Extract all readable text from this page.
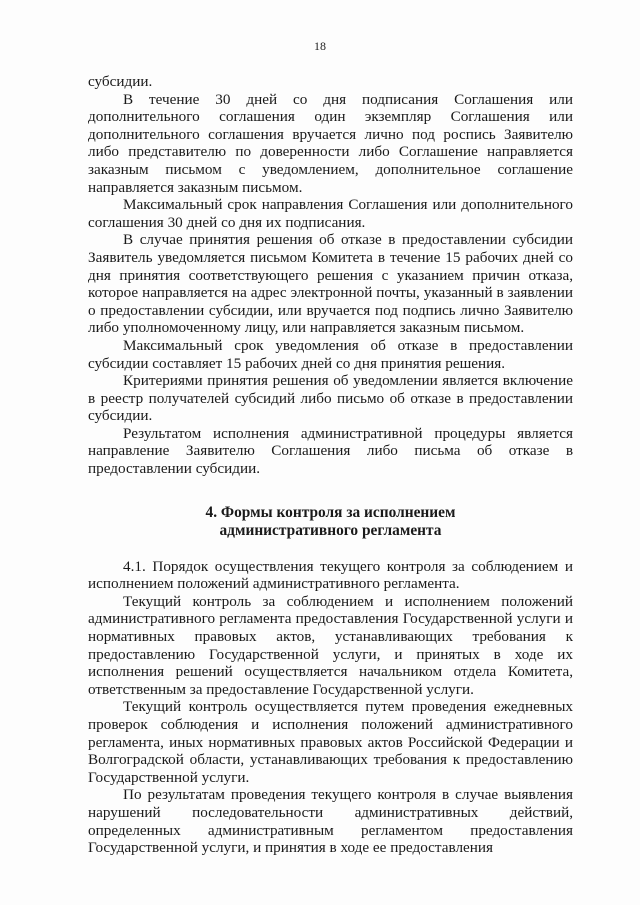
18

субсидии.

В течение 30 дней со дня подписания Соглашения или дополнительного соглашения один экземпляр Соглашения или дополнительного соглашения вручается лично под роспись Заявителю либо представителю по доверенности либо Соглашение направляется заказным письмом с уведомлением, дополнительное соглашение направляется заказным письмом.

Максимальный срок направления Соглашения или дополнительного соглашения 30 дней со дня их подписания.

В случае принятия решения об отказе в предоставлении субсидии Заявитель уведомляется письмом Комитета в течение 15 рабочих дней со дня принятия соответствующего решения с указанием причин отказа, которое направляется на адрес электронной почты, указанный в заявлении о предоставлении субсидии, или вручается под подпись лично Заявителю либо уполномоченному лицу, или направляется заказным письмом.

Максимальный срок уведомления об отказе в предоставлении субсидии составляет 15 рабочих дней со дня принятия решения.

Критериями принятия решения об уведомлении является включение в реестр получателей субсидий либо письмо об отказе в предоставлении субсидии.

Результатом исполнения административной процедуры является направление Заявителю Соглашения либо письма об отказе в предоставлении субсидии.

4. Формы контроля за исполнением
административного регламента

4.1. Порядок осуществления текущего контроля за соблюдением и исполнением положений административного регламента.

Текущий контроль за соблюдением и исполнением положений административного регламента предоставления Государственной услуги и нормативных правовых актов, устанавливающих требования к предоставлению Государственной услуги, и принятых в ходе их исполнения решений осуществляется начальником отдела Комитета, ответственным за предоставление Государственной услуги.

Текущий контроль осуществляется путем проведения ежедневных проверок соблюдения и исполнения положений административного регламента, иных нормативных правовых актов Российской Федерации и Волгоградской области, устанавливающих требования к предоставлению Государственной услуги.

По результатам проведения текущего контроля в случае выявления нарушений последовательности административных действий, определенных административным регламентом предоставления Государственной услуги, и принятия в ходе ее предоставления
